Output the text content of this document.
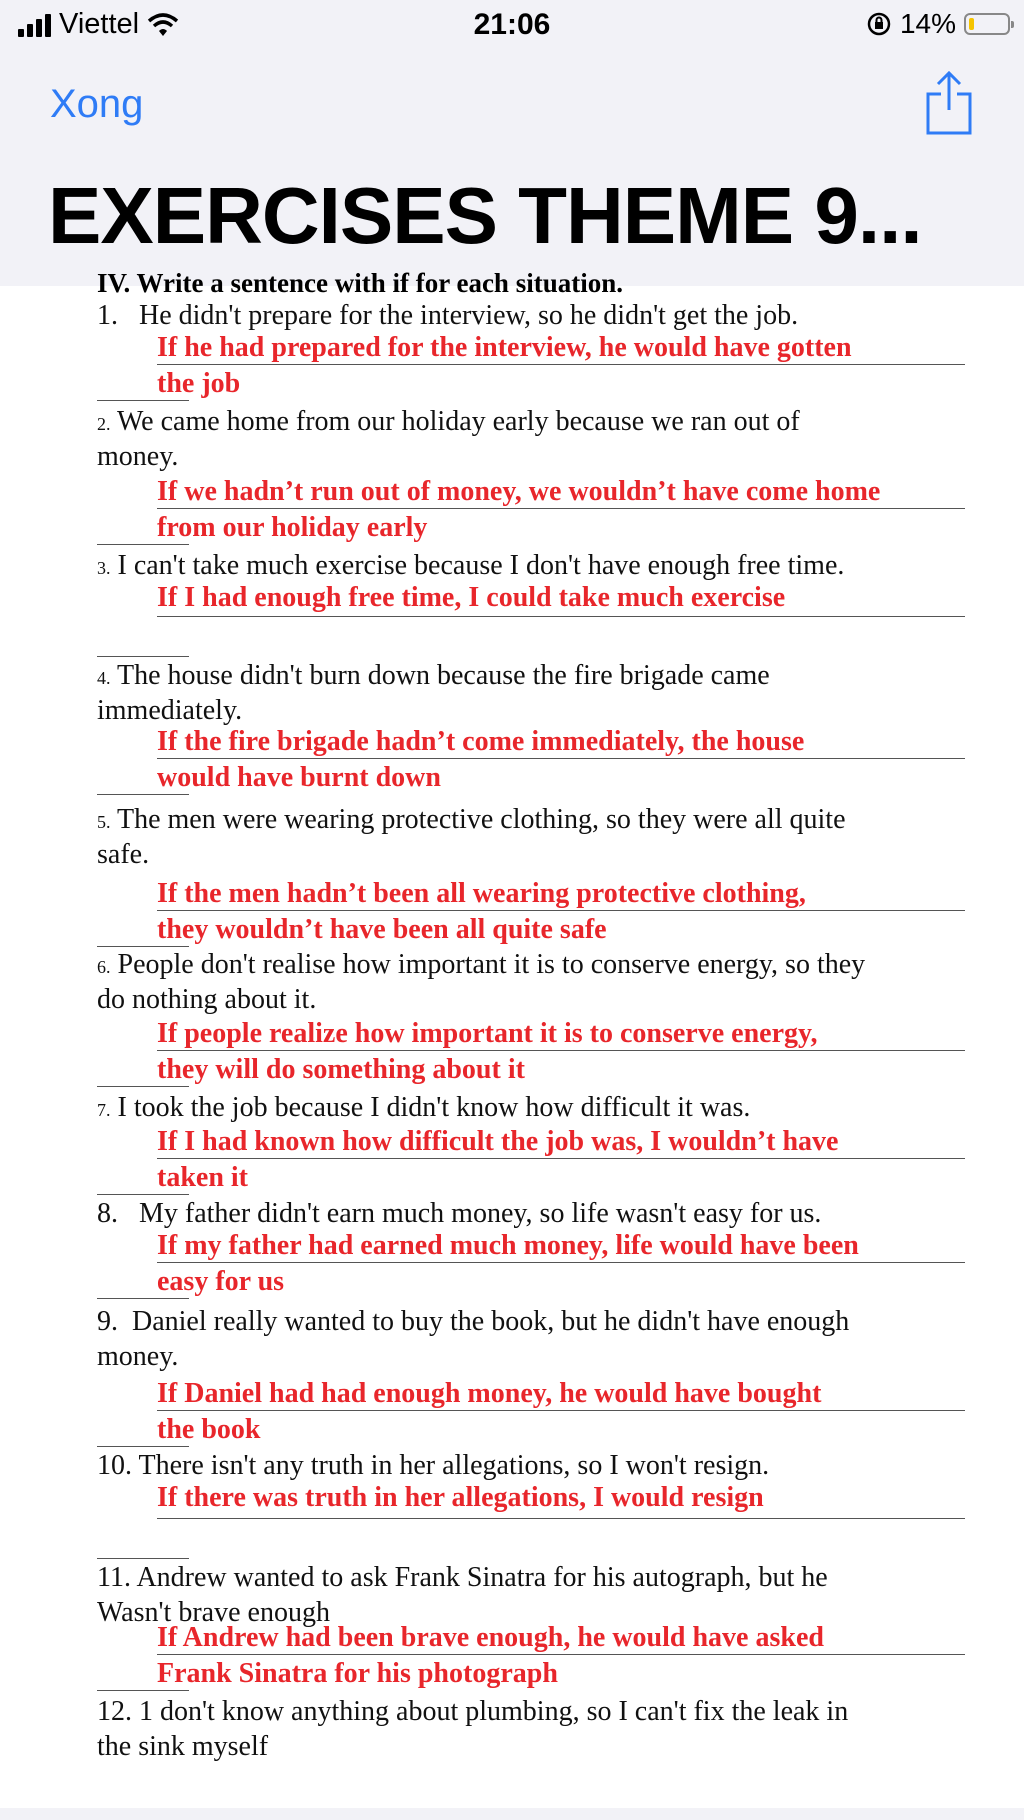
Viettel	21:06	14%
Xong
EXERCISES THEME 9...
IV. Write a sentence with if for each situation.
1. He didn't prepare for the interview, so he didn't get the job.
If he had prepared for the interview, he would have gotten
the job
2. We came home from our holiday early because we ran out of
money.
If we hadn’t run out of money, we wouldn’t have come home
from our holiday early
3. I can't take much exercise because I don't have enough free time.
If I had enough free time, I could take much exercise
4. The house didn't burn down because the fire brigade came
immediately.
If the fire brigade hadn’t come immediately, the house
would have burnt down
5. The men were wearing protective clothing, so they were all quite
safe.
If the men hadn’t been all wearing protective clothing,
they wouldn’t have been all quite safe
6. People don't realise how important it is to conserve energy, so they
do nothing about it.
If people realize how important it is to conserve energy,
they will do something about it
7. I took the job because I didn't know how difficult it was.
If I had known how difficult the job was, I wouldn’t have
taken it
8. My father didn't earn much money, so life wasn't easy for us.
If my father had earned much money, life would have been
easy for us
9. Daniel really wanted to buy the book, but he didn't have enough
money.
If Daniel had had enough money, he would have bought
the book
10. There isn't any truth in her allegations, so I won't resign.
If there was truth in her allegations, I would resign
11. Andrew wanted to ask Frank Sinatra for his autograph, but he
Wasn't brave enough
If Andrew had been brave enough, he would have asked
Frank Sinatra for his photograph
12. 1 don't know anything about plumbing, so I can't fix the leak in
the sink myself
